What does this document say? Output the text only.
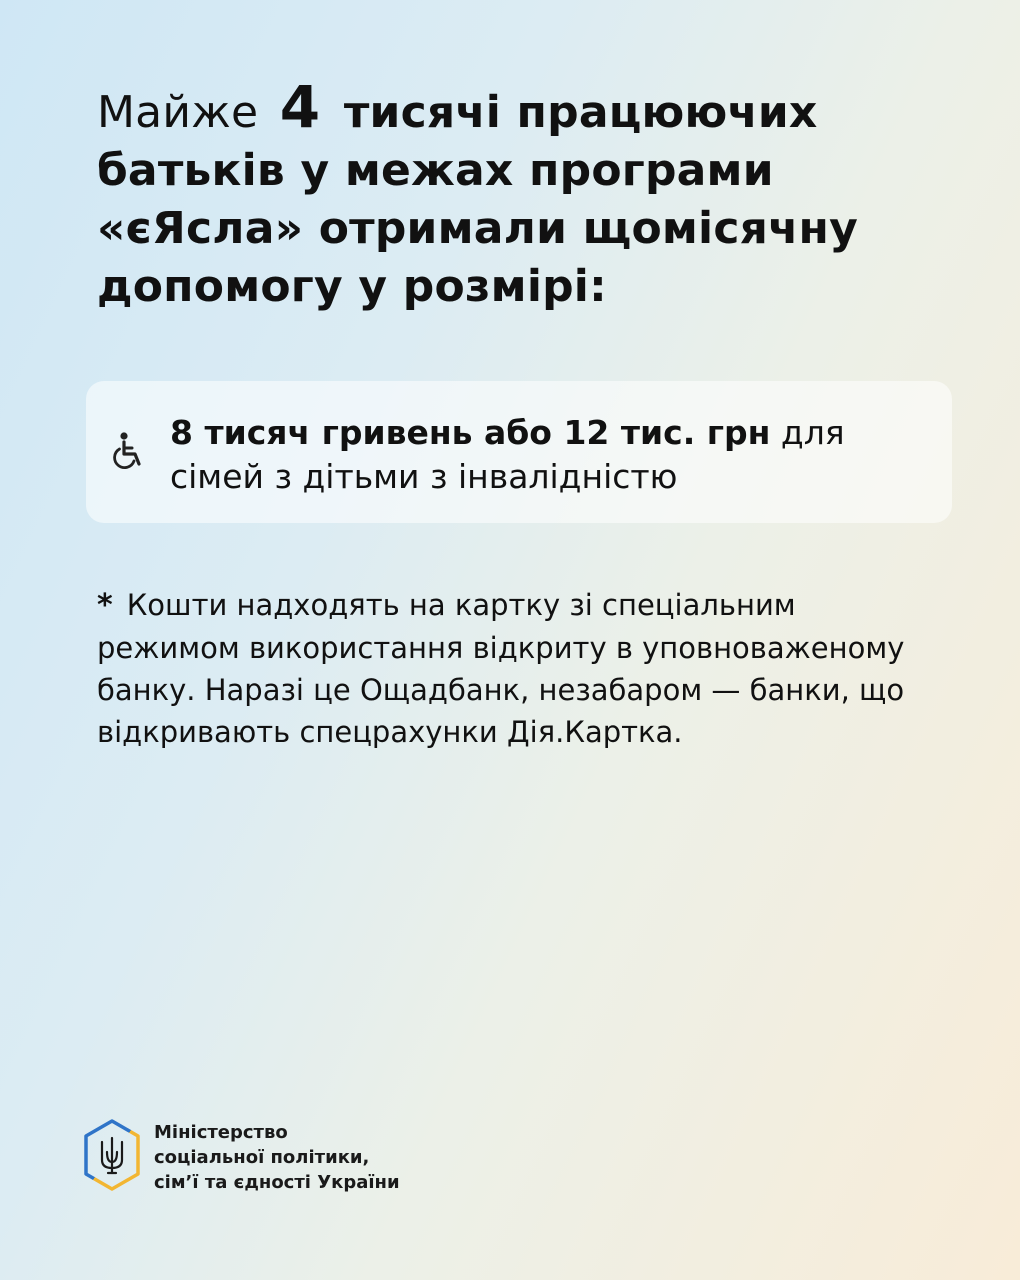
Майже 4 тисячі працюючих батьків у межах програми «єЯсла» отримали щомісячну допомогу у розмірі:
8 тисяч гривень або 12 тис. грн для сімей з дітьми з інвалідністю
* Кошти надходять на картку зі спеціальним режимом використання відкриту в уповноваженому банку. Наразі це Ощадбанк, незабаром — банки, що відкривають спецрахунки Дія.Картка.
Міністерство
соціальної політики,
сім’ї та єдності України
